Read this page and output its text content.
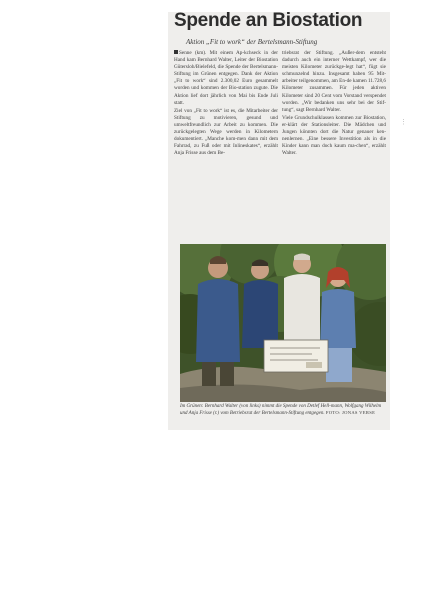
Spende an Biostation
Aktion „Fit to work“ der Bertelsmann-Stiftung

Senne (km). Mit einem Ap-kchseck in der Hand kam Bernhard Walter, Leiter der Biostation Gütersloh/Bielefeld, die Spende der Bertelsmann-Stiftung im Grünen entgegen. Dank der Aktion „Fit to work“ sind 2.300,02 Euro gesammelt worden und kommen der Bio-station zugute. Die Aktion lief dort jährlich von Mai bis Ende Juli statt.

Ziel von „Fit to work“ ist es, die Mitarbeiter der Stiftung zu motivieren, gesund und umweltfreundlich zur Arbeit zu kommen. Die zurückgelegten Wege werden in Kilometern dokumentiert. „Manche kom-men dann mit dem Fahrrad, zu Fuß oder mit Inlineskates“, erzählt Anja Frisse aus dem Be-

triebsrat der Stiftung. „Außer-dem entsteht dadurch auch ein interner Wettkampf, wer die meisten Kilometer zurückge-legt hat“, fügt sie schmunzelnd hinzu. Insgesamt haben 95 Mit-arbeiter teilgenommen, am En-de kamen 11.728,6 Kilometer zusammen. Für jeden aktiven Kilometer sind 20 Cent vom Vorstand verspendet worden. „Wir bedanken uns sehr bei der Stif-tung“, sagt Bernhard Walter.

Viele Grundschulklassen kommen zur Biostation, er-klärt der Stationsleiter. Die Mädchen und Jungen könnten dort die Natur genauer ken-nenlernen. „Eine bessere Investition als in die Kinder kann man doch kaum ma-chen“, erzählt Walter.

Im Grünen: Bernhard Walter (von links) nimmt die Spende von Detlef Hell-mann, Wolfgang Wilhelm und Anja Frisse (r.) vom Betriebsrat der Bertelsmann-Stiftung entgegen. FOTO: JONAS VERSE
⋮
